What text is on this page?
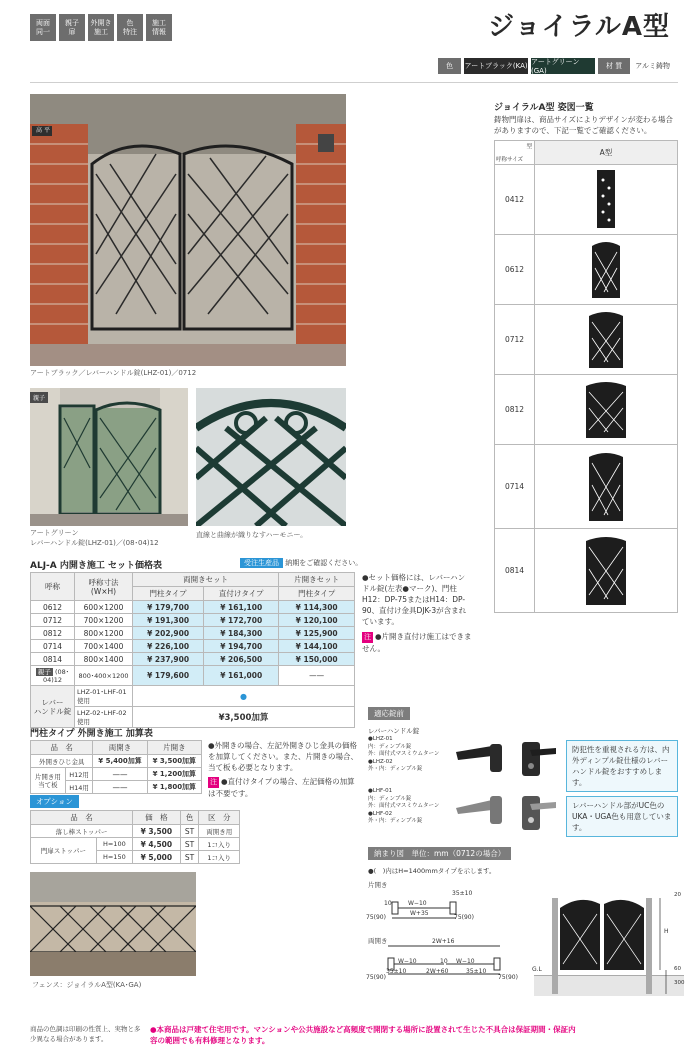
両面
同一
親子
扉
外開き
施工
色
特注
施工
情報	ジョイラルA型
色	アートブラック(KA) アートグリーン(GA)
材 質	アルミ鋳物
高 平
アートブラック／レバーハンドル錠(LHZ-01)／0712
親子
アートグリーン
レバーハンドル錠(LHZ-01)／(08･04)12
直線と曲線が織りなすハーモニー。
ALJ-A 内開き施工 セット価格表	受注生産品 納期をご確認ください。
呼称	呼称寸法
(W×H)	両開きセット		片開きセット
		門柱タイプ	直付けタイプ	門柱タイプ
0612	600×1200	¥ 179,700	¥ 161,100	¥ 114,300
0712	700×1200	¥ 191,300	¥ 172,700	¥ 120,100
0812	800×1200	¥ 202,900	¥ 184,300	¥ 125,900
0714	700×1400	¥ 226,100	¥ 194,700	¥ 144,100
0814	800×1400	¥ 237,900	¥ 206,500	¥ 150,000
親子 (08･04)12	800･400×1200	¥ 179,600	¥ 161,000	——
レバー
ハンドル錠	LHZ-01･LHF-01使用	●		
	LHZ-02･LHF-02使用	¥3,500加算		
●セット価格には、レバーハンドル錠(左表●マーク)、門柱H12：DP-75またはH14：DP-90、直付け金具DJK-3が含まれています。
注 ●片開き直付け施工はできません。
門柱タイプ 外開き施工 加算表
品　名		両開き	片開き
外開きひじ金具		¥ 5,400加算	¥ 3,500加算
片開き用
当て板	H12用	——	¥ 1,200加算
	H14用	——	¥ 1,800加算
●外開きの場合、左記外開きひじ金具の価格を加算してください。また、片開きの場合、当て板も必要となります。
注 ●直付けタイプの場合、左記価格の加算は不要です。
オプション
品　名		価　格	色	区　分
落し棒ストッパー		¥ 3,500	ST	両開き用
門扉ストッパー	H=100	¥ 4,500	ST	1コ入り
	H=150	¥ 5,000	ST	1コ入り
フェンス：ジョイラルA型(KA･GA)
ジョイラルA型 姿図一覧
鋳物門扉は、商品サイズによりデザインが変わる場合がありますので、下記一覧でご確認ください。
型
呼称サイズ	A型
0412	
0612	
0712	
0812	
0714	
0814	
適応錠前
レバーハンドル錠
●LHZ-01
内：ディンプル錠
外：面付式マスミウムターン
●LHZ-02
外・内：ディンプル錠
●LHF-01
内：ディンプル錠
外：面付式マスミウムターン
●LHF-02
外・内：ディンプル錠
防犯性を重視される方は、内外ディンプル錠仕様のレバーハンドル錠をおすすめします。
レバーハンドル部がUC色のUKA・UGA色も用意しています。
納まり図　単位：mm（0712の場合）
●(　)内はH=1400mmタイプを示します。
片開き
両開き
35±10
10	W−10
W+35
75(90)	75(90)
2W+16
W−10	10 W−10
35±10	2W+60	35±10
75(90)	75(90)
H
20
60
300
G.L
商品の色調は印刷の性質上、実物と多少異なる場合があります。
●本商品は戸建て住宅用です。マンションや公共施設など高頻度で開閉する場所に設置されて生じた不具合は保証期間・保証内容の範囲でも有料修理となります。
